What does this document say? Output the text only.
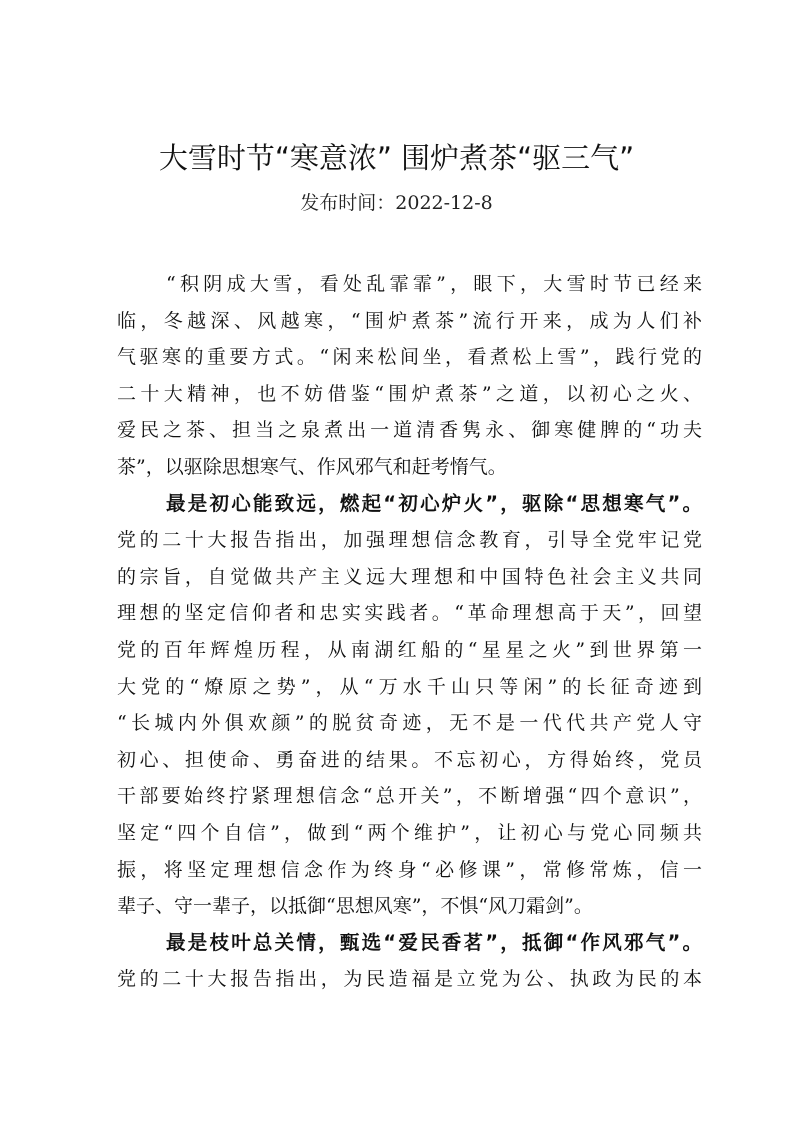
大雪时节“寒意浓” 围炉煮茶“驱三气”
发布时间：2022-12-8
“积阴成大雪，看处乱霏霏”，眼下，大雪时节已经来
临，冬越深、风越寒，“围炉煮茶”流行开来，成为人们补
气驱寒的重要方式。“闲来松间坐，看煮松上雪”，践行党的
二十大精神，也不妨借鉴“围炉煮茶”之道，以初心之火、
爱民之茶、担当之泉煮出一道清香隽永、御寒健脾的“功夫
茶”，以驱除思想寒气、作风邪气和赶考惰气。
最是初心能致远，燃起“初心炉火”，驱除“思想寒气”。
党的二十大报告指出，加强理想信念教育，引导全党牢记党
的宗旨，自觉做共产主义远大理想和中国特色社会主义共同
理想的坚定信仰者和忠实实践者。“革命理想高于天”，回望
党的百年辉煌历程，从南湖红船的“星星之火”到世界第一
大党的“燎原之势”，从“万水千山只等闲”的长征奇迹到
“长城内外俱欢颜”的脱贫奇迹，无不是一代代共产党人守
初心、担使命、勇奋进的结果。不忘初心，方得始终，党员
干部要始终拧紧理想信念“总开关”，不断增强“四个意识”，
坚定“四个自信”，做到“两个维护”，让初心与党心同频共
振，将坚定理想信念作为终身“必修课”，常修常炼，信一
辈子、守一辈子，以抵御“思想风寒”，不惧“风刀霜剑”。
最是枝叶总关情，甄选“爱民香茗”，抵御“作风邪气”。
党的二十大报告指出，为民造福是立党为公、执政为民的本
